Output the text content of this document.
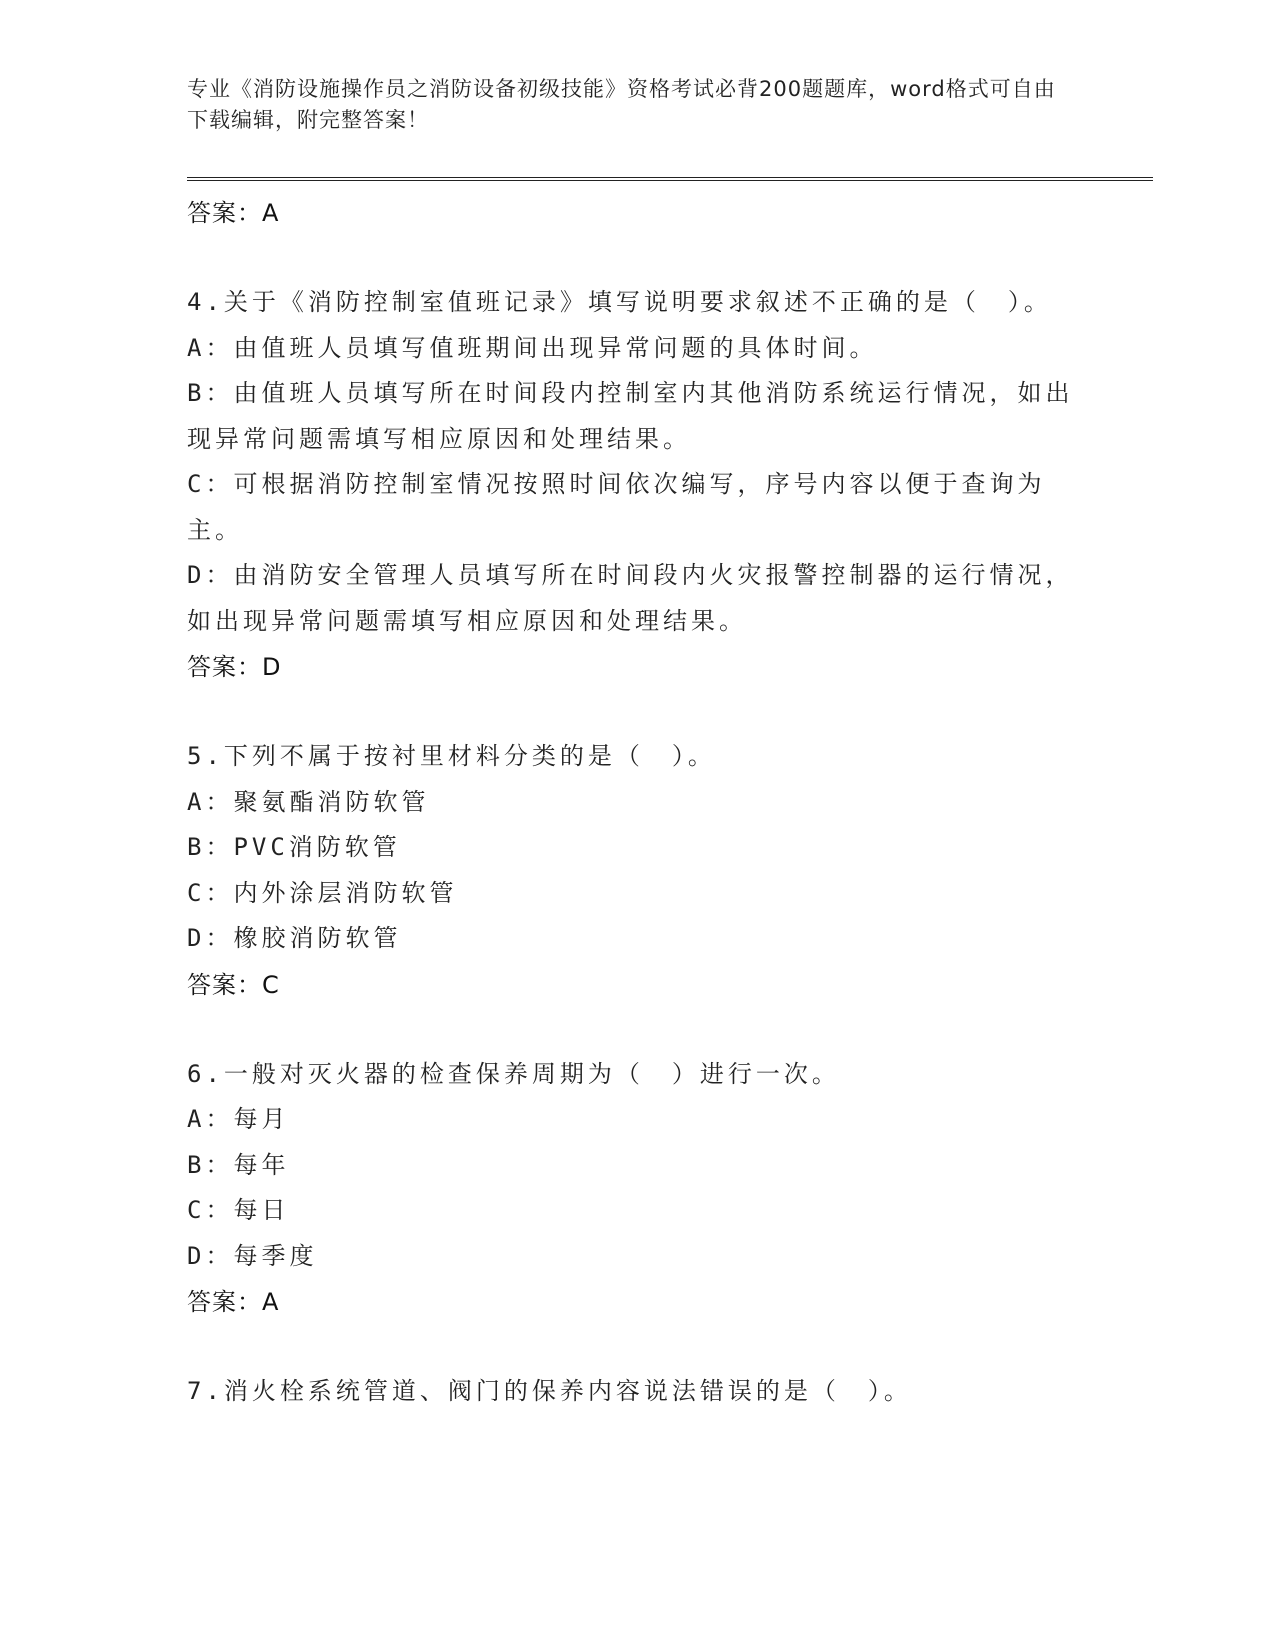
专业《消防设施操作员之消防设备初级技能》资格考试必背200题题库，word格式可自由下载编辑，附完整答案！

答案：A

4.关于《消防控制室值班记录》填写说明要求叙述不正确的是（　）。

A：由值班人员填写值班期间出现异常问题的具体时间。

B：由值班人员填写所在时间段内控制室内其他消防系统运行情况，如出现异常问题需填写相应原因和处理结果。

C：可根据消防控制室情况按照时间依次编写，序号内容以便于查询为主。

D：由消防安全管理人员填写所在时间段内火灾报警控制器的运行情况，如出现异常问题需填写相应原因和处理结果。

答案：D

5.下列不属于按衬里材料分类的是（　）。

A：聚氨酯消防软管

B：PVC消防软管

C：内外涂层消防软管

D：橡胶消防软管

答案：C

6.一般对灭火器的检查保养周期为（　）进行一次。

A：每月

B：每年

C：每日

D：每季度

答案：A

7.消火栓系统管道、阀门的保养内容说法错误的是（　）。
